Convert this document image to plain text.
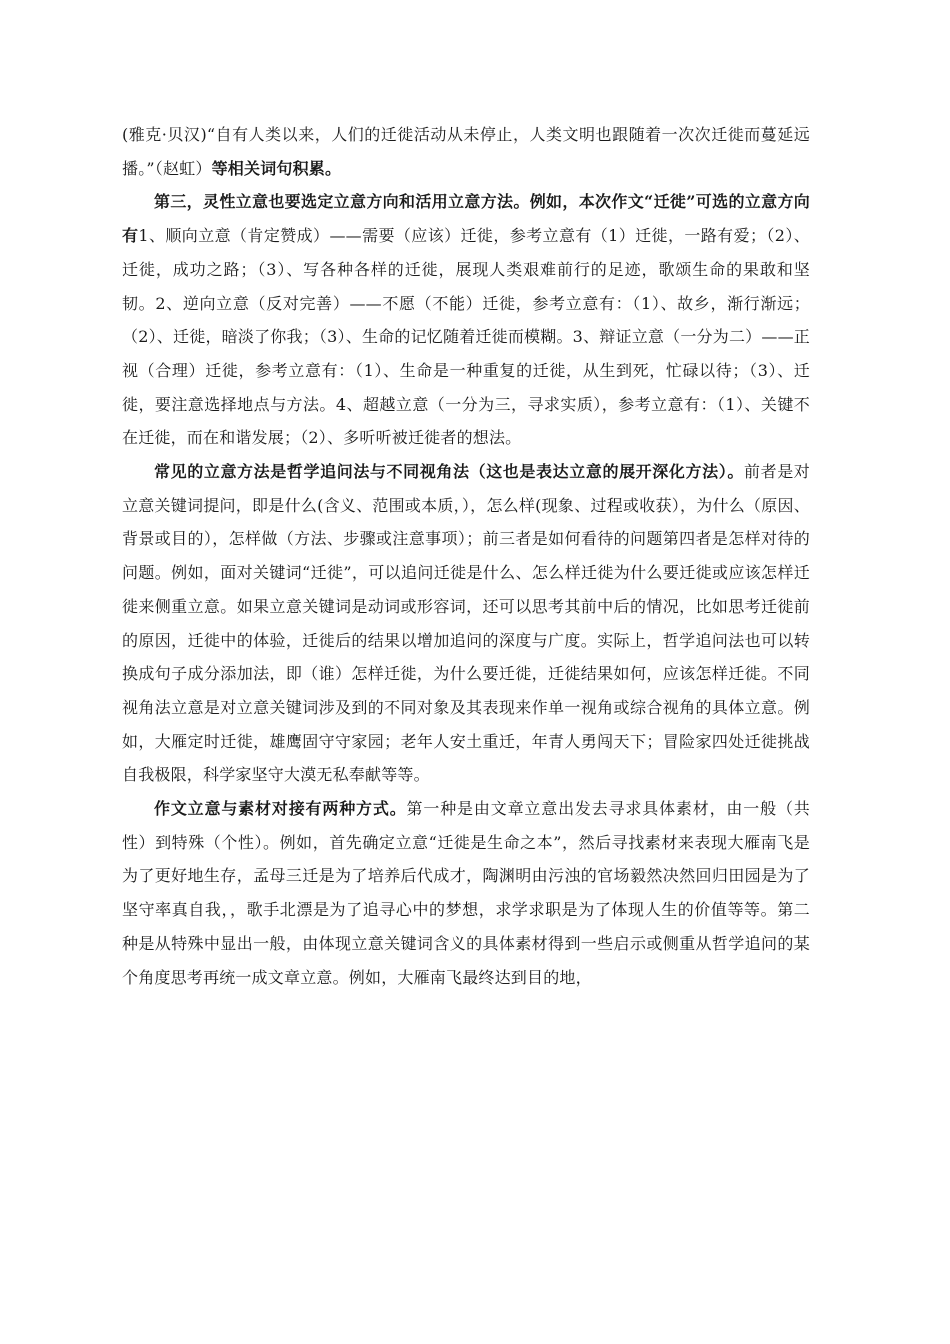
(雅克·贝汉)“自有人类以来，人们的迁徙活动从未停止，人类文明也跟随着一次次迁徙而蔓延远播。”（赵虹）等相关词句积累。

第三，灵性立意也要选定立意方向和活用立意方法。例如，本次作文“迁徙”可选的立意方向有1、顺向立意（肯定赞成）——需要（应该）迁徙，参考立意有（1）迁徙，一路有爱；（2）、迁徙，成功之路；（3）、写各种各样的迁徙，展现人类艰难前行的足迹，歌颂生命的果敢和坚韧。2、逆向立意（反对完善）——不愿（不能）迁徙，参考立意有：（1）、故乡，渐行渐远；（2）、迁徙，暗淡了你我；（3）、生命的记忆随着迁徙而模糊。3、辩证立意（一分为二）——正视（合理）迁徙，参考立意有：（1）、生命是一种重复的迁徙，从生到死，忙碌以待；（3）、迁徙，要注意选择地点与方法。4、超越立意（一分为三，寻求实质），参考立意有：（1）、关键不在迁徙，而在和谐发展；（2）、多听听被迁徙者的想法。

常见的立意方法是哲学追问法与不同视角法（这也是表达立意的展开深化方法）。前者是对立意关键词提问，即是什么(含义、范围或本质，），怎么样(现象、过程或收获），为什么（原因、背景或目的），怎样做（方法、步骤或注意事项）；前三者是如何看待的问题第四者是怎样对待的问题。例如，面对关键词“迁徙”，可以追问迁徙是什么、怎么样迁徙为什么要迁徙或应该怎样迁徙来侧重立意。如果立意关键词是动词或形容词，还可以思考其前中后的情况，比如思考迁徙前的原因，迁徙中的体验，迁徙后的结果以增加追问的深度与广度。实际上，哲学追问法也可以转换成句子成分添加法，即（谁）怎样迁徙，为什么要迁徙，迁徙结果如何，应该怎样迁徙。不同视角法立意是对立意关键词涉及到的不同对象及其表现来作单一视角或综合视角的具体立意。例如，大雁定时迁徙，雄鹰固守守家园；老年人安土重迁，年青人勇闯天下；冒险家四处迁徙挑战自我极限，科学家坚守大漠无私奉献等等。

作文立意与素材对接有两种方式。第一种是由文章立意出发去寻求具体素材，由一般（共性）到特殊（个性）。例如，首先确定立意“迁徙是生命之本”，然后寻找素材来表现大雁南飞是为了更好地生存，孟母三迁是为了培养后代成才，陶渊明由污浊的官场毅然决然回归田园是为了坚守率真自我，，歌手北漂是为了追寻心中的梦想，求学求职是为了体现人生的价值等等。第二种是从特殊中显出一般，由体现立意关键词含义的具体素材得到一些启示或侧重从哲学追问的某个角度思考再统一成文章立意。例如，大雁南飞最终达到目的地，
